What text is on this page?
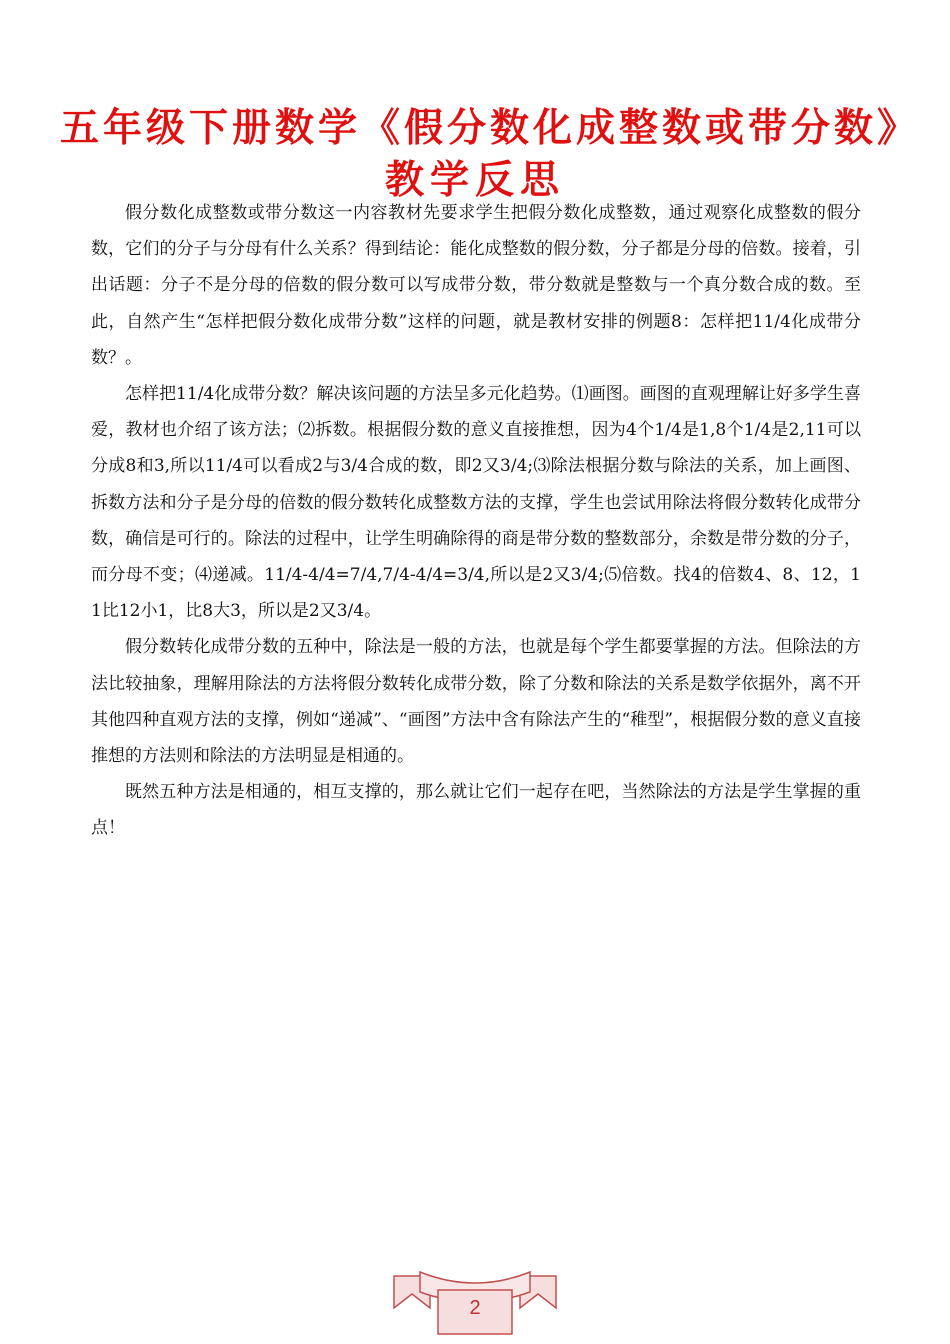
五年级下册数学《假分数化成整数或带分数》
教学反思

假分数化成整数或带分数这一内容教材先要求学生把假分数化成整数，通过观察化成整数的假分数，它们的分子与分母有什么关系？得到结论：能化成整数的假分数，分子都是分母的倍数。接着，引出话题：分子不是分母的倍数的假分数可以写成带分数，带分数就是整数与一个真分数合成的数。至此，自然产生“怎样把假分数化成带分数”这样的问题，就是教材安排的例题8：怎样把11/4化成带分数？。

怎样把11/4化成带分数？解决该问题的方法呈多元化趋势。⑴画图。画图的直观理解让好多学生喜爱，教材也介绍了该方法；⑵拆数。根据假分数的意义直接推想，因为4个1/4是1,8个1/4是2,11可以分成8和3,所以11/4可以看成2与3/4合成的数，即2又3/4;⑶除法根据分数与除法的关系，加上画图、拆数方法和分子是分母的倍数的假分数转化成整数方法的支撑，学生也尝试用除法将假分数转化成带分数，确信是可行的。除法的过程中，让学生明确除得的商是带分数的整数部分，余数是带分数的分子，而分母不变；⑷递减。11/4-4/4=7/4,7/4-4/4=3/4,所以是2又3/4;⑸倍数。找4的倍数4、8、12，11比12小1，比8大3，所以是2又3/4。

假分数转化成带分数的五种中，除法是一般的方法，也就是每个学生都要掌握的方法。但除法的方法比较抽象，理解用除法的方法将假分数转化成带分数，除了分数和除法的关系是数学依据外，离不开其他四种直观方法的支撑，例如“递减”、“画图”方法中含有除法产生的“稚型”，根据假分数的意义直接推想的方法则和除法的方法明显是相通的。

既然五种方法是相通的，相互支撑的，那么就让它们一起存在吧，当然除法的方法是学生掌握的重点！

2
